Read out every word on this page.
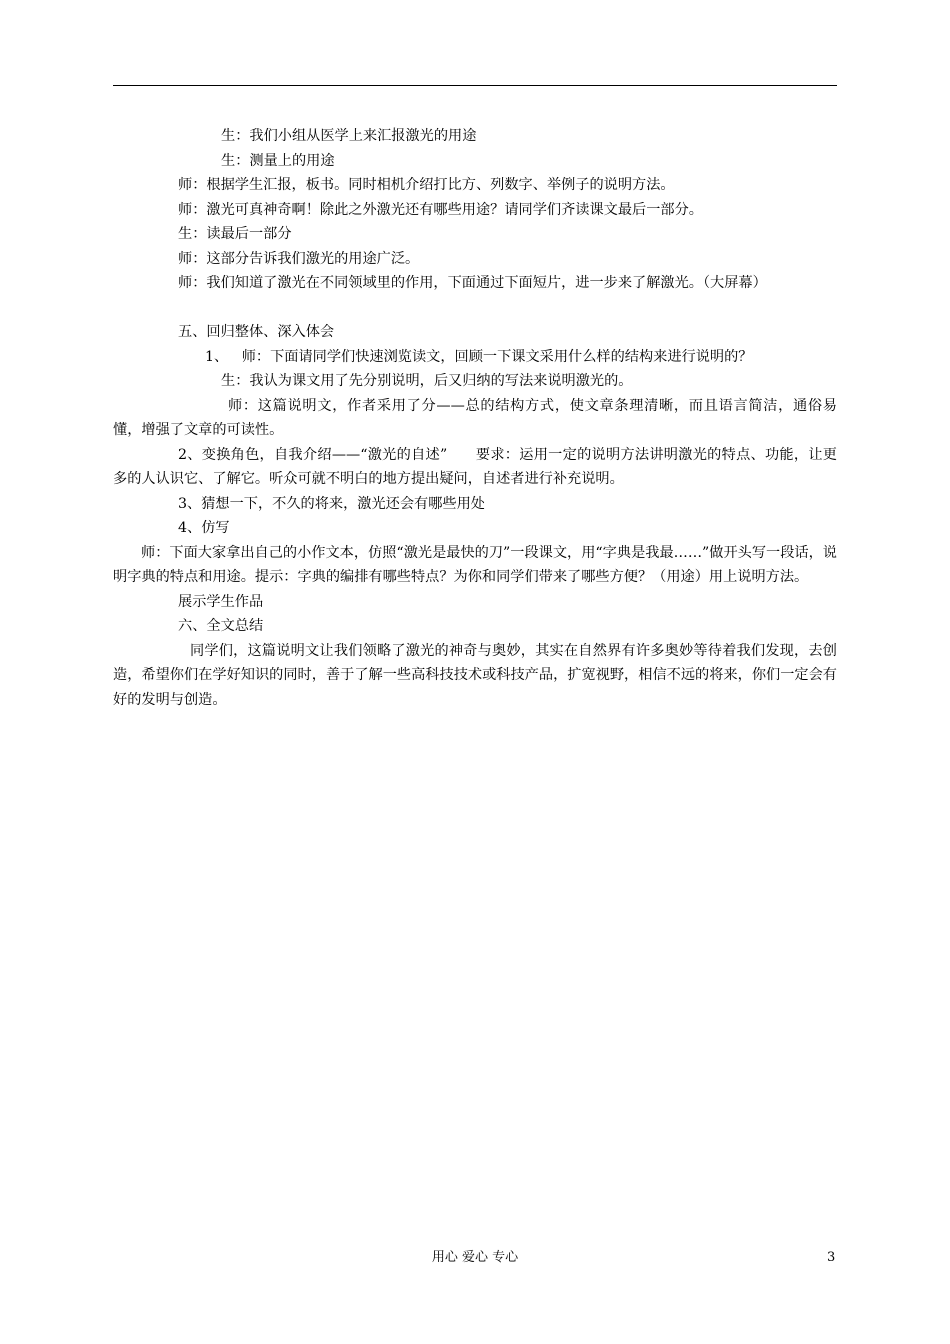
生：我们小组从医学上来汇报激光的用途

生：测量上的用途

师：根据学生汇报，板书。同时相机介绍打比方、列数字、举例子的说明方法。

师：激光可真神奇啊！除此之外激光还有哪些用途？请同学们齐读课文最后一部分。

生：读最后一部分

师：这部分告诉我们激光的用途广泛。

师：我们知道了激光在不同领域里的作用，下面通过下面短片，进一步来了解激光。（大屏幕）

五、回归整体、深入体会

1、   师：下面请同学们快速浏览读文，回顾一下课文采用什么样的结构来进行说明的？

生：我认为课文用了先分别说明，后又归纳的写法来说明激光的。

师：这篇说明文，作者采用了分——总的结构方式，使文章条理清晰，而且语言简洁，通俗易懂，增强了文章的可读性。

2、变换角色，自我介绍——“激光的自述”      要求：运用一定的说明方法讲明激光的特点、功能，让更多的人认识它、了解它。听众可就不明白的地方提出疑问，自述者进行补充说明。

3、猜想一下，不久的将来，激光还会有哪些用处

4、仿写

师：下面大家拿出自己的小作文本，仿照“激光是最快的刀”一段课文，用“字典是我最……”做开头写一段话，说明字典的特点和用途。提示：字典的编排有哪些特点？为你和同学们带来了哪些方便？（用途）用上说明方法。

展示学生作品

六、全文总结

同学们，这篇说明文让我们领略了激光的神奇与奥妙，其实在自然界有许多奥妙等待着我们发现，去创造，希望你们在学好知识的同时，善于了解一些高科技技术或科技产品，扩宽视野，相信不远的将来，你们一定会有好的发明与创造。

用心 爱心 专心	3
